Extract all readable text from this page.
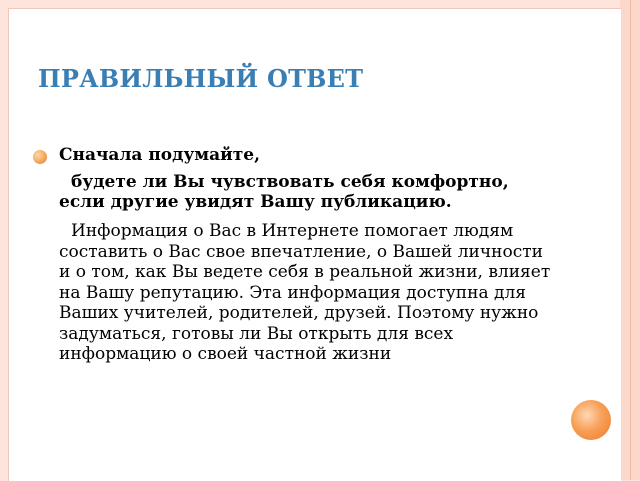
ПРАВИЛЬНЫЙ ОТВЕТ

Сначала подумайте,

будете ли Вы чувствовать себя комфортно, если другие увидят Вашу публикацию.

Информация о Вас в Интернете помогает людям составить о Вас свое впечатление, о Вашей личности и о том, как Вы ведете себя в реальной жизни, влияет на Вашу репутацию. Эта информация доступна для Ваших учителей, родителей, друзей. Поэтому нужно задуматься, готовы ли Вы открыть для всех информацию о своей частной жизни
